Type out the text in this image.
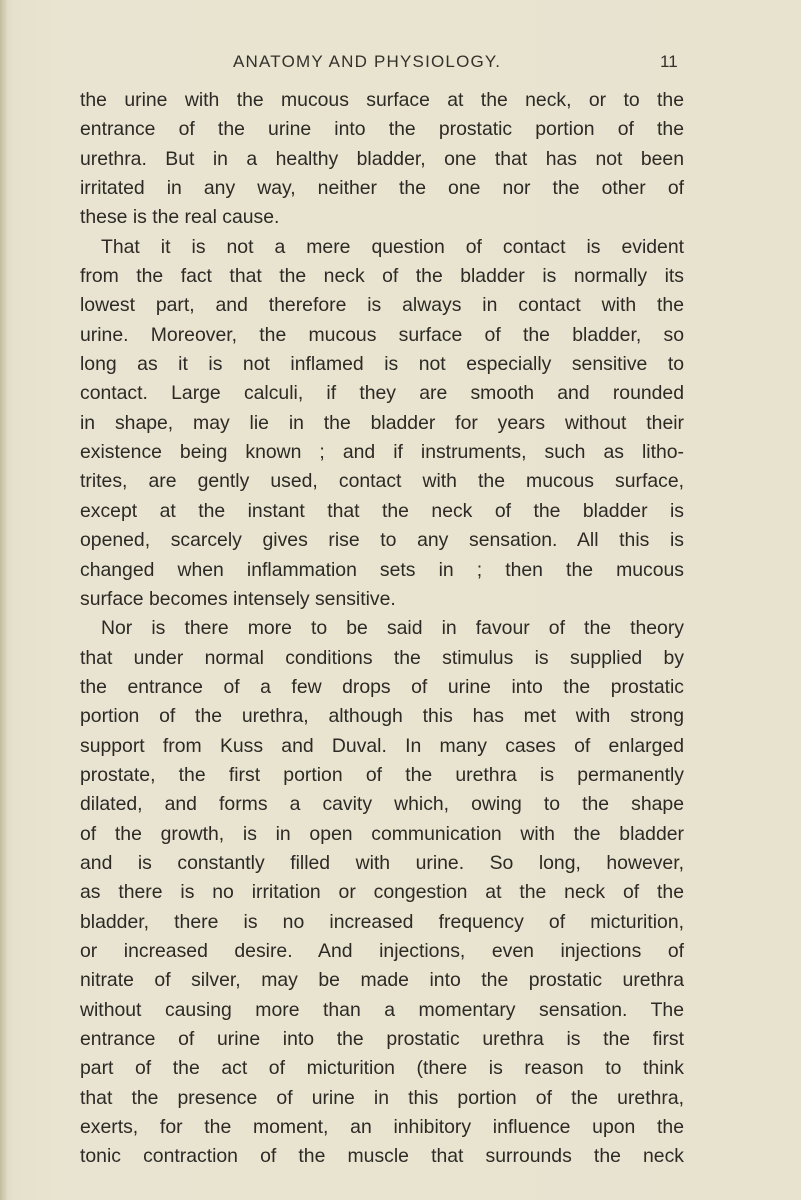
ANATOMY AND PHYSIOLOGY.	11
the urine with the mucous surface at the neck, or to the
entrance of the urine into the prostatic portion of the
urethra. But in a healthy bladder, one that has not been
irritated in any way, neither the one nor the other of
these is the real cause.
That it is not a mere question of contact is evident
from the fact that the neck of the bladder is normally its
lowest part, and therefore is always in contact with the
urine. Moreover, the mucous surface of the bladder, so
long as it is not inflamed is not especially sensitive to
contact. Large calculi, if they are smooth and rounded
in shape, may lie in the bladder for years without their
existence being known ; and if instruments, such as litho-
trites, are gently used, contact with the mucous surface,
except at the instant that the neck of the bladder is
opened, scarcely gives rise to any sensation. All this is
changed when inflammation sets in ; then the mucous
surface becomes intensely sensitive.
Nor is there more to be said in favour of the theory
that under normal conditions the stimulus is supplied by
the entrance of a few drops of urine into the prostatic
portion of the urethra, although this has met with strong
support from Kuss and Duval. In many cases of enlarged
prostate, the first portion of the urethra is permanently
dilated, and forms a cavity which, owing to the shape
of the growth, is in open communication with the bladder
and is constantly filled with urine. So long, however,
as there is no irritation or congestion at the neck of the
bladder, there is no increased frequency of micturition,
or increased desire. And injections, even injections of
nitrate of silver, may be made into the prostatic urethra
without causing more than a momentary sensation. The
entrance of urine into the prostatic urethra is the first
part of the act of micturition (there is reason to think
that the presence of urine in this portion of the urethra,
exerts, for the moment, an inhibitory influence upon the
tonic contraction of the muscle that surrounds the neck
